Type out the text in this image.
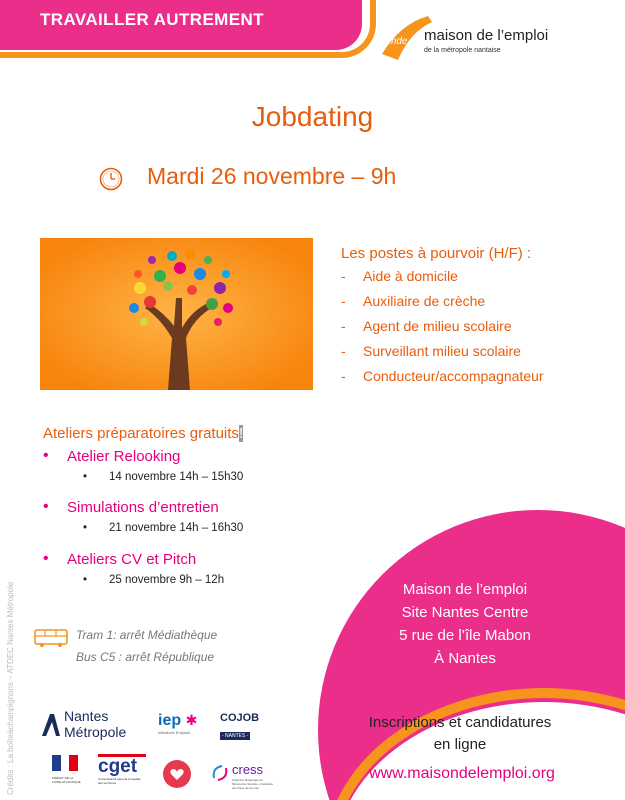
TRAVAILLER AUTREMENT
mde maison de l’emploi
de la métropole nantaise
Jobdating
Mardi 26 novembre – 9h
Les postes à pourvoir (H/F) :
-	Aide à domicile
-	Auxiliaire de crèche
-	Agent de milieu scolaire
-	Surveillant milieu scolaire
-	Conducteur/accompagnateur
Ateliers préparatoires gratuits!
•	Atelier Relooking
•	14 novembre 14h – 15h30
•	Simulations d’entretien
•	21 novembre 14h – 16h30
•	Ateliers CV et Pitch
•	25 novembre 9h – 12h
Tram 1: arrêt Médiathèque
Bus C5 : arrêt République
Crédits : La boîteàchampignons – ATDEC Nantes Métropole	Maison de l’emploi
Site Nantes Centre
5 rue de l’île Mabon
À Nantes
Inscriptions et candidatures
en ligne
www.maisondelemploi.org
Nantes
Métropole
iep ✱
Initiatives Emplois
COJOB
- NANTES -
PRÉFET DE LA
LOIRE-ATLANTIQUE
cget
Commissariat général à l'égalité des territoires
cress
Chambre Régionale de l'Économie Sociale et Solidaire des Pays de la Loire
